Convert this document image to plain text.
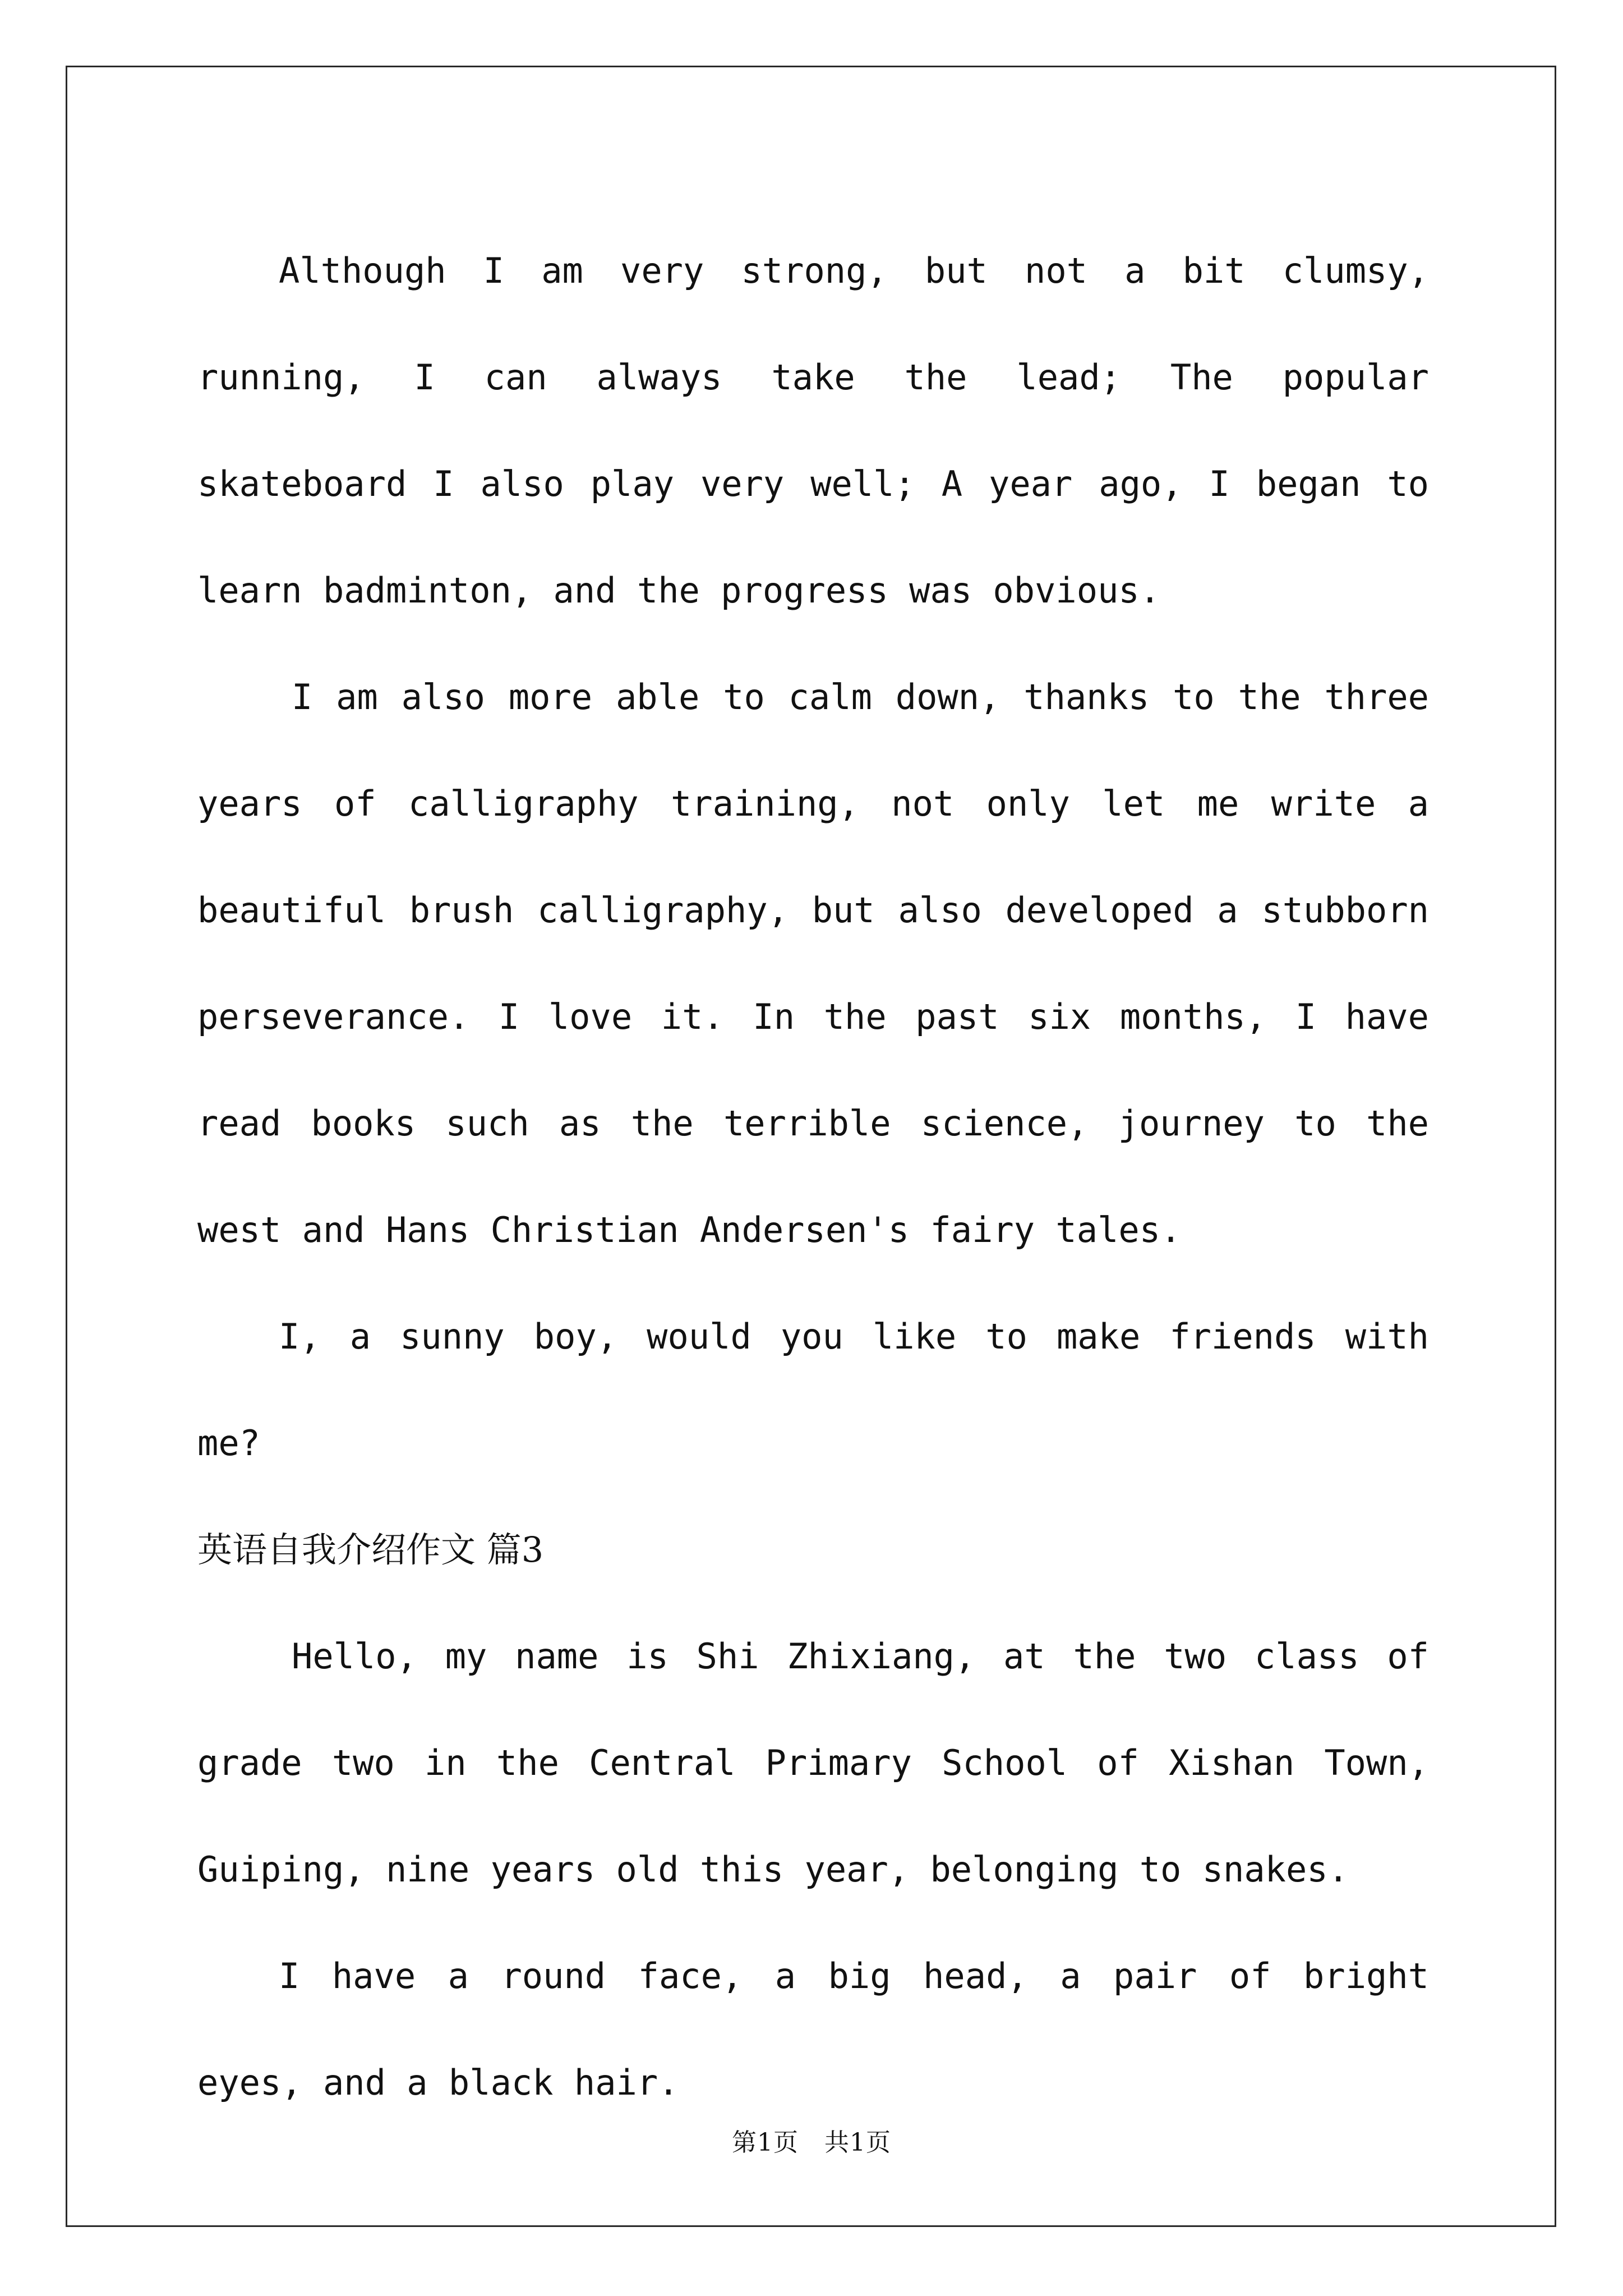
Although I am very strong, but not a bit clumsy, running, I can always take the lead; The popular skateboard I also play very well; A year ago, I began to learn badminton, and the progress was obvious.

I am also more able to calm down, thanks to the three years of calligraphy training, not only let me write a beautiful brush calligraphy, but also developed a stubborn perseverance. I love it. In the past six months, I have read books such as the terrible science, journey to the west and Hans Christian Andersen's fairy tales.

I, a sunny boy, would you like to make friends with me?

英语自我介绍作文 篇3

Hello, my name is Shi Zhixiang, at the two class of grade two in the Central Primary School of Xishan Town, Guiping, nine years old this year, belonging to snakes.

I have a round face, a big head, a pair of bright eyes, and a black hair.

第1页 共1页
